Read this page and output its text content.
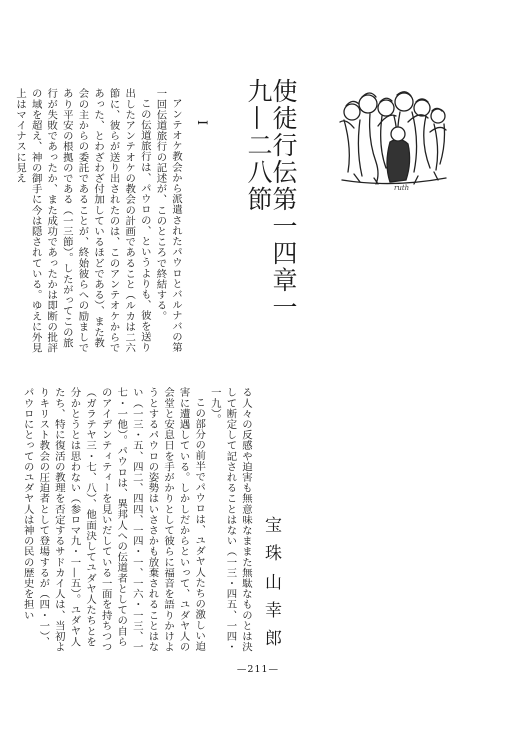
使徒行伝第一四章一九—二八節	ruth
I

アンテオケ教会から派遣されたパウロとバルナバの第一回伝道旅行の記述が、このところで終結する。

この伝道旅行は、パウロの、というよりも、彼を送り出したアンテオケの教会の計画であること（ルカは二六節に、彼らが送り出されたのは、このアンテオケからであった、とわざわざ付加しているほどである）、また教会の主からの委託であることが、終始彼らへの励ましであり平安の根拠のである（一三節）。したがってこの旅行が失敗であったか、また成功であったかは即断の批評の域を超え、神の御手に今は隠されている。ゆえに外見上はマイナスに見え

宝
珠
山
幸
郎

る人々の反感や迫害も無意味なままた無駄なものとは決して断定して記されることはない（一三・四五、一四・一九）。

この部分の前半でパウロは、ユダヤ人たちの激しい迫害に遭遇している。しかしだからといって、ユダヤ人の会堂と安息日を手がかりとして彼らに福音を語りかけようとするパウロの姿勢はいささかも放棄されることはない（一三・五、四二、四四、一四・一、一六・一三、一七・一他）。パウロは、異邦人への伝道者としての自らのアイデンティティーを見いだしている一面を持ちつつ（ガラテヤ三・七、八）、他面決してユダヤ人たちとを分かとうとは思わない（参ロマ九・一—五）。ユダヤ人たち、特に復活の教理を否定するサドカイ人は、当初よりキリスト教会の圧迫者として登場するが（四・一）、パウロにとってのユダヤ人は神の民の歴史を担い

—211—
